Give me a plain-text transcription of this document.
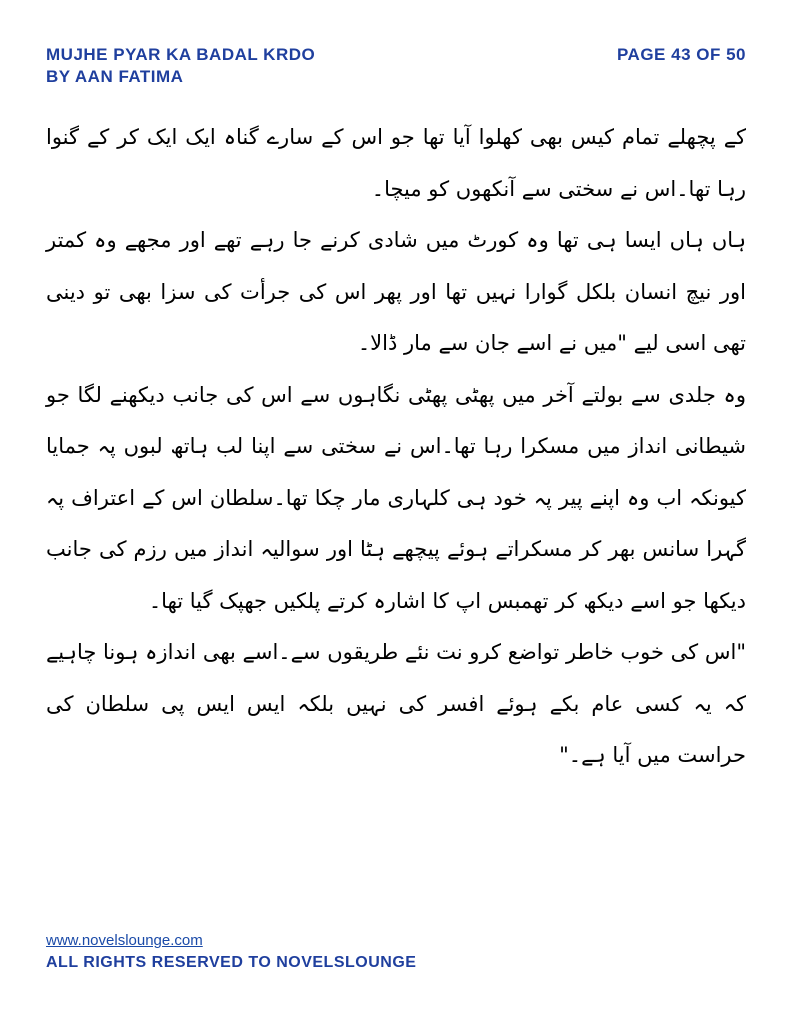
MUJHE PYAR KA BADAL KRDO
BY AAN FATIMA
PAGE 43 OF 50

کے پچھلے تمام کیس بھی کھلوا آیا تھا جو اس کے سارے گناہ ایک ایک کر کے گنوا رہا تھا۔اس نے سختی سے آنکھوں کو میچا۔

ہاں ہاں ایسا ہی تھا وہ کورٹ میں شادی کرنے جا رہے تھے اور مجھے وہ کمتر اور نیچ انسان بلکل گوارا نہیں تھا اور پھر اس کی جرأت کی سزا بھی تو دینی تھی اسی لیے "میں نے اسے جان سے مار ڈالا۔

وہ جلدی سے بولتے آخر میں پھٹی پھٹی نگاہوں سے اس کی جانب دیکھنے لگا جو شیطانی انداز میں مسکرا رہا تھا۔اس نے سختی سے اپنا لب ہاتھ لبوں پہ جمایا کیونکہ اب وہ اپنے پیر پہ خود ہی کلہاری مار چکا تھا۔سلطان اس کے اعتراف پہ گہرا سانس بھر کر مسکراتے ہوئے پیچھے ہٹا اور سوالیہ انداز میں رزم کی جانب دیکھا جو اسے دیکھ کر تھمبس اپ کا اشارہ کرتے پلکیں جھپک گیا تھا۔

"اس کی خوب خاطر تواضع کرو نت نئے طریقوں سے۔اسے بھی اندازہ ہونا چاہیے کہ یہ کسی عام بکے ہوئے افسر کی نہیں بلکہ ایس ایس پی سلطان کی حراست میں آیا ہے۔"

www.novelslounge.com
ALL RIGHTS RESERVED TO NOVELSLOUNGE
